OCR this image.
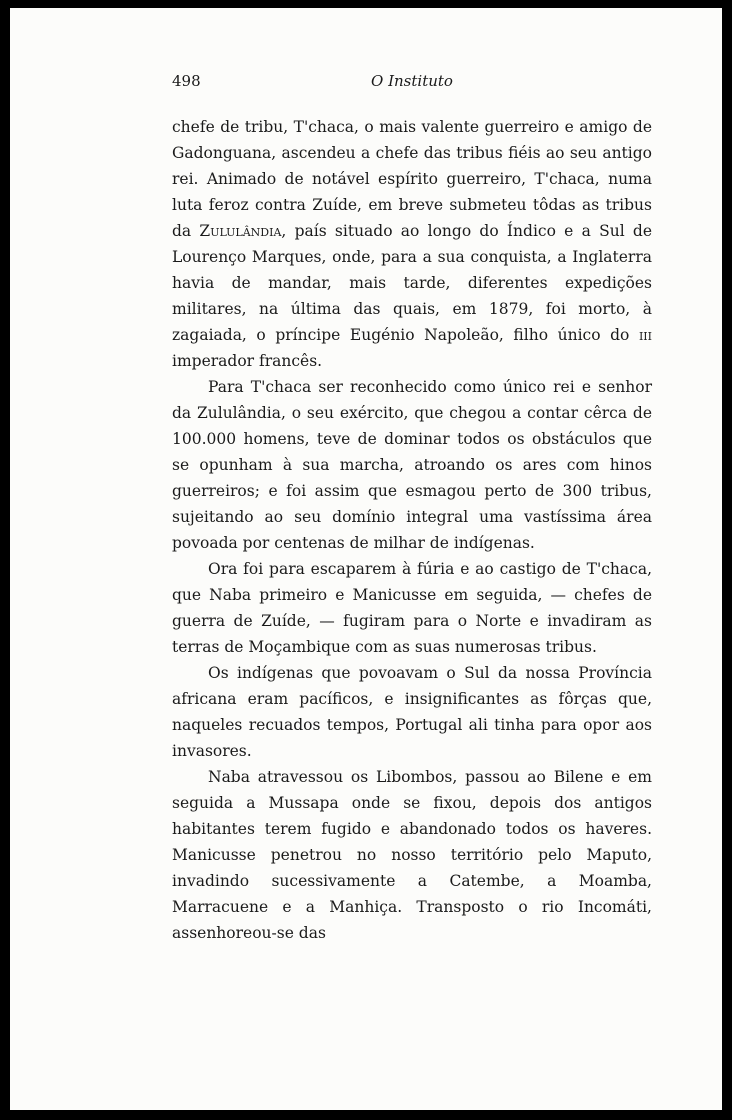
498	O Instituto

chefe de tribu, T'chaca, o mais valente guerreiro e amigo de Gadonguana, ascendeu a chefe das tribus fiéis ao seu antigo rei. Animado de notável espírito guerreiro, T'chaca, numa luta feroz contra Zuíde, em breve submeteu tôdas as tribus da Zululândia, país situado ao longo do Índico e a Sul de Lourenço Marques, onde, para a sua conquista, a Inglaterra havia de mandar, mais tarde, diferentes expedições militares, na última das quais, em 1879, foi morto, à zagaiada, o príncipe Eugénio Napoleão, filho único do iii imperador francês.

Para T'chaca ser reconhecido como único rei e senhor da Zululândia, o seu exército, que chegou a contar cêrca de 100.000 homens, teve de dominar todos os obstáculos que se opunham à sua marcha, atroando os ares com hinos guerreiros; e foi assim que esmagou perto de 300 tribus, sujeitando ao seu domínio integral uma vastíssima área povoada por centenas de milhar de indígenas.

Ora foi para escaparem à fúria e ao castigo de T'chaca, que Naba primeiro e Manicusse em seguida, — chefes de guerra de Zuíde, — fugiram para o Norte e invadiram as terras de Moçambique com as suas numerosas tribus.

Os indígenas que povoavam o Sul da nossa Província africana eram pacíficos, e insignificantes as fôrças que, naqueles recuados tempos, Portugal ali tinha para opor aos invasores.

Naba atravessou os Libombos, passou ao Bilene e em seguida a Mussapa onde se fixou, depois dos antigos habitantes terem fugido e abandonado todos os haveres. Manicusse penetrou no nosso território pelo Maputo, invadindo sucessivamente a Catembe, a Moamba, Marracuene e a Manhiça. Transposto o rio Incomáti, assenhoreou-se das
